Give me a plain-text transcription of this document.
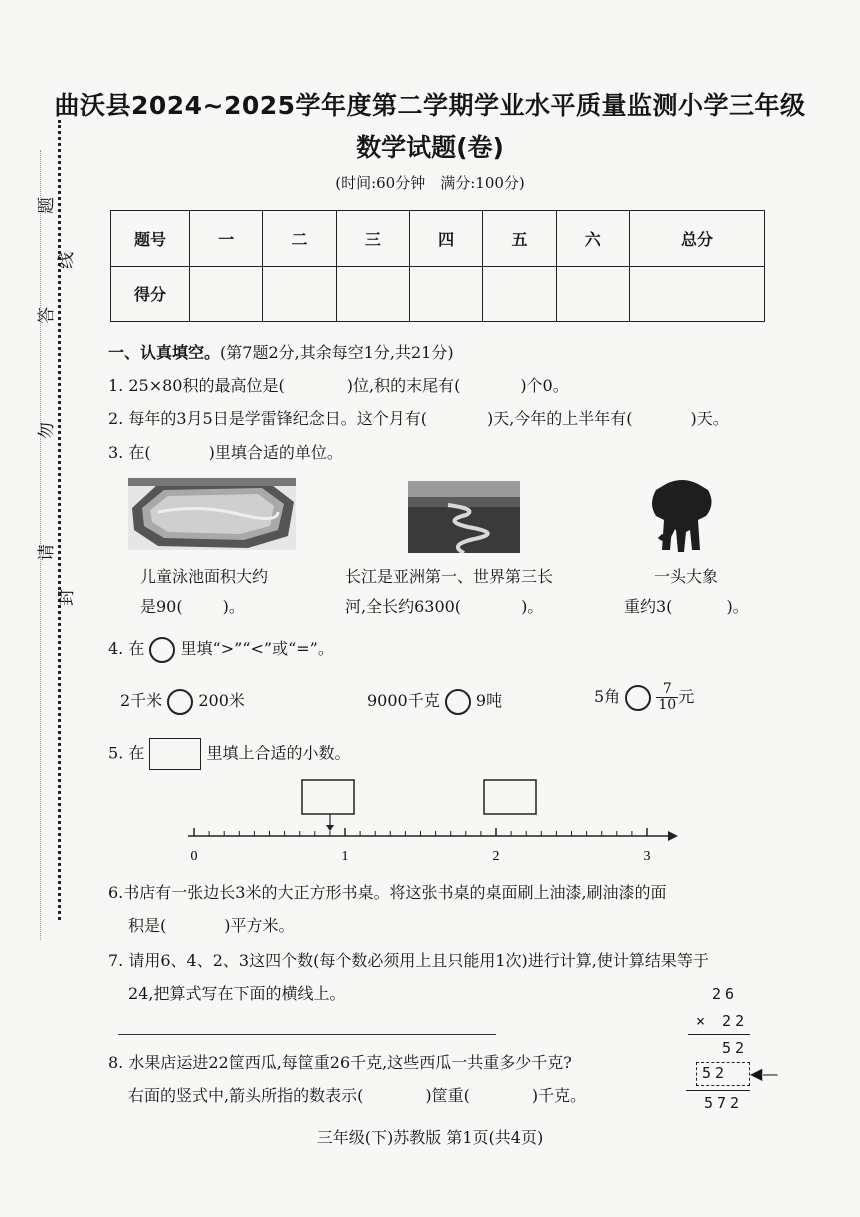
题
线
答
勿
请
封
曲沃县2024~2025学年度第二学期学业水平质量监测小学三年级
数学试题(卷)
(时间:60分钟　满分:100分)
题号	一	二	三	四	五	六	总分
得分							
一、认真填空。(第7题2分,其余每空1分,共21分)
1. 25×80积的最高位是(	)位,积的末尾有(	)个0。
2. 每年的3月5日是学雷锋纪念日。这个月有(	)天,今年的上半年有(	)天。
3. 在(	)里填合适的单位。
儿童泳池面积大约
是90(	)。
长江是亚洲第一、世界第三长
河,全长约6300(	)。
一头大象
重约3(	)。
4. 在 里填“>”“<”或“=”。
2千米 200米	9000千克 9吨	5角	$\frac{7}{10}$ 元
5. 在	里填上合适的小数。
0	1	2	3
6.书店有一张边长3米的大正方形书桌。将这张书桌的桌面刷上油漆,刷油漆的面
积是(	)平方米。
7. 请用6、4、2、3这四个数(每个数必须用上且只能用1次)进行计算,使计算结果等于
24,把算式写在下面的横线上。
8. 水果店运进22筐西瓜,每筐重26千克,这些西瓜一共重多少千克?
右面的竖式中,箭头所指的数表示(	)筐重(	)千克。
26
× 22
52
52 ◀—
572
三年级(下)苏教版 第1页(共4页)
